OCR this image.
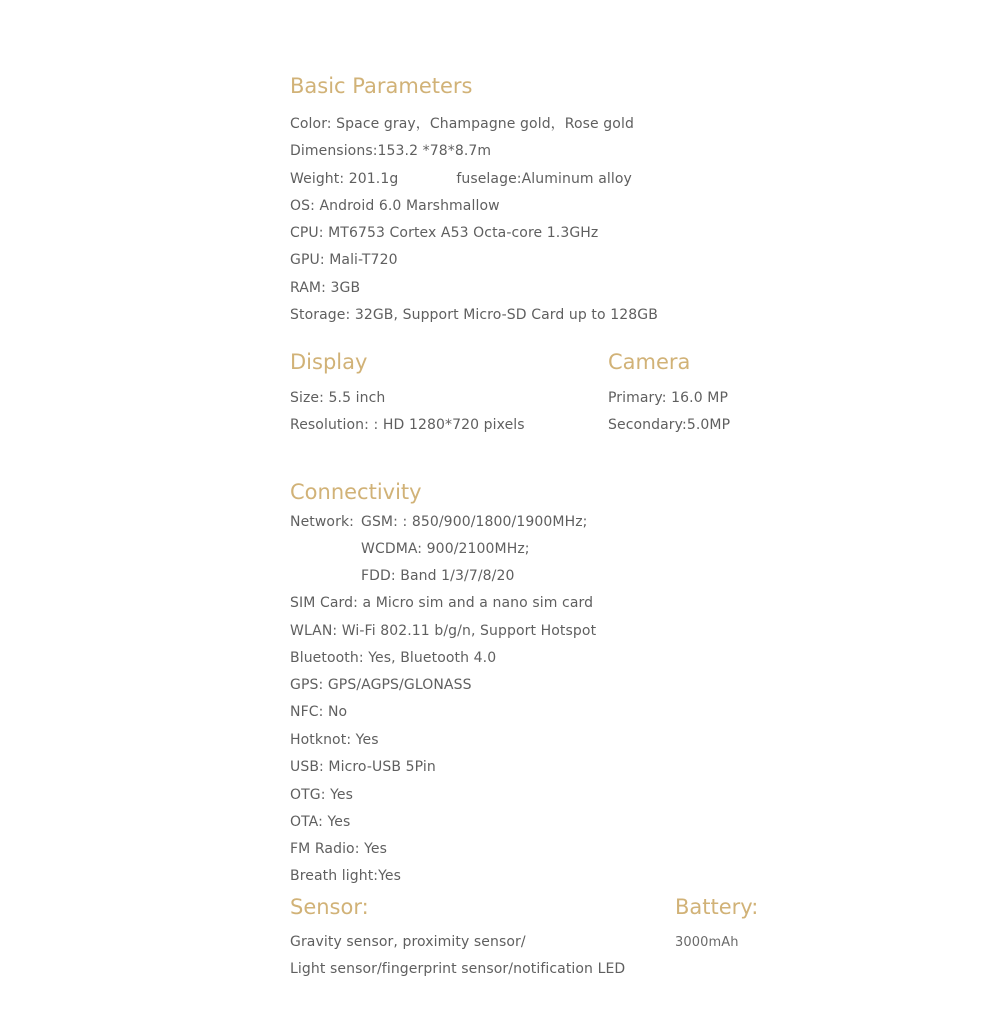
Basic Parameters

Color: Space gray，Champagne gold，Rose gold

Dimensions:153.2 *78*8.7m

Weight: 201.1g	fuselage:Aluminum alloy

OS: Android 6.0 Marshmallow

CPU: MT6753 Cortex A53 Octa-core 1.3GHz

GPU: Mali-T720

RAM: 3GB

Storage: 32GB, Support Micro-SD Card up to 128GB

Display

Size: 5.5 inch

Resolution: : HD 1280*720 pixels

Camera

Primary: 16.0 MP

Secondary:5.0MP

Connectivity

Network: GSM: : 850/900/1800/1900MHz;

WCDMA: 900/2100MHz;

FDD: Band 1/3/7/8/20

SIM Card: a Micro sim and a nano sim card

WLAN: Wi-Fi 802.11 b/g/n, Support Hotspot

Bluetooth: Yes, Bluetooth 4.0

GPS: GPS/AGPS/GLONASS

NFC: No

Hotknot: Yes

USB: Micro-USB 5Pin

OTG: Yes

OTA: Yes

FM Radio: Yes

Breath light:Yes

Sensor:

Gravity sensor, proximity sensor/

Light sensor/fingerprint sensor/notification LED

Battery:

3000mAh
